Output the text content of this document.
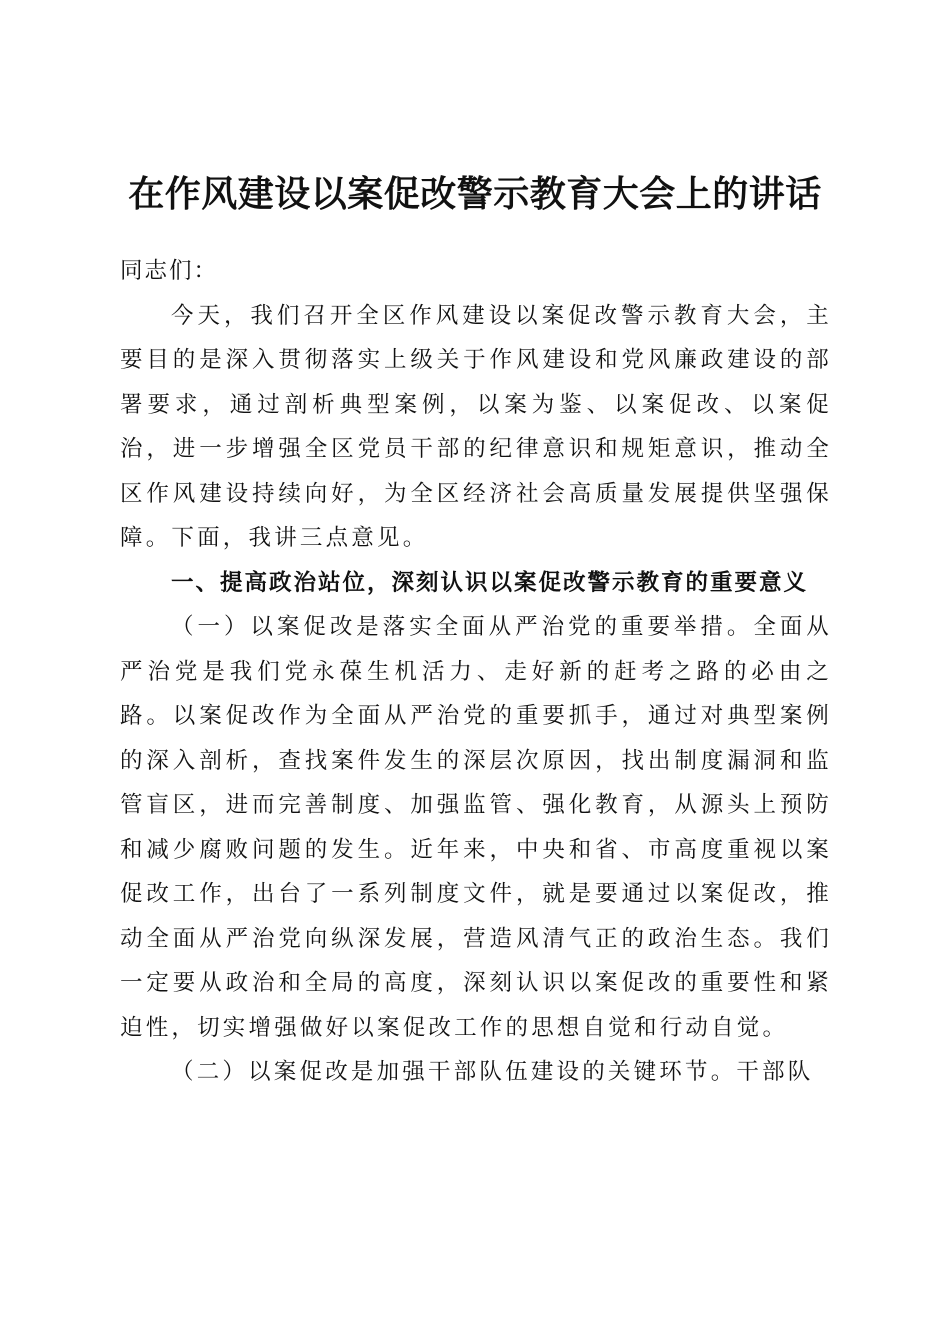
在作风建设以案促改警示教育大会上的讲话

同志们：

今天，我们召开全区作风建设以案促改警示教育大会，主要目的是深入贯彻落实上级关于作风建设和党风廉政建设的部署要求，通过剖析典型案例，以案为鉴、以案促改、以案促治，进一步增强全区党员干部的纪律意识和规矩意识，推动全区作风建设持续向好，为全区经济社会高质量发展提供坚强保障。下面，我讲三点意见。

一、提高政治站位，深刻认识以案促改警示教育的重要意义

（一）以案促改是落实全面从严治党的重要举措。全面从严治党是我们党永葆生机活力、走好新的赶考之路的必由之路。以案促改作为全面从严治党的重要抓手，通过对典型案例的深入剖析，查找案件发生的深层次原因，找出制度漏洞和监管盲区，进而完善制度、加强监管、强化教育，从源头上预防和减少腐败问题的发生。近年来，中央和省、市高度重视以案促改工作，出台了一系列制度文件，就是要通过以案促改，推动全面从严治党向纵深发展，营造风清气正的政治生态。我们一定要从政治和全局的高度，深刻认识以案促改的重要性和紧迫性，切实增强做好以案促改工作的思想自觉和行动自觉。

（二）以案促改是加强干部队伍建设的关键环节。干部队
